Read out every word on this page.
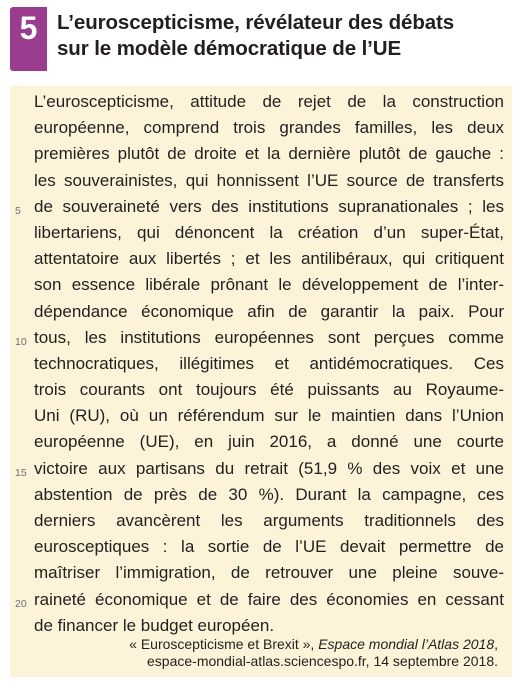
5 L’euroscepticisme, révélateur des débats
sur le modèle démocratique de l’UE
L’euroscepticisme, attitude de rejet de la construction
européenne, comprend trois grandes familles, les deux
premières plutôt de droite et la dernière plutôt de gauche :
les souverainistes, qui honnissent l’UE source de transferts
5 de souveraineté vers des institutions supranationales ; les
libertariens, qui dénoncent la création d’un super-État,
attentatoire aux libertés ; et les antilibéraux, qui critiquent
son essence libérale prônant le développement de l’inter-
dépendance économique afin de garantir la paix. Pour
10 tous, les institutions européennes sont perçues comme
technocratiques, illégitimes et antidémocratiques. Ces
trois courants ont toujours été puissants au Royaume-
Uni (RU), où un référendum sur le maintien dans l’Union
européenne (UE), en juin 2016, a donné une courte
15 victoire aux partisans du retrait (51,9 % des voix et une
abstention de près de 30 %). Durant la campagne, ces
derniers avancèrent les arguments traditionnels des
eurosceptiques : la sortie de l’UE devait permettre de
maîtriser l’immigration, de retrouver une pleine souve-
20 raineté économique et de faire des économies en cessant
de financer le budget européen.
« Euroscepticisme et Brexit », Espace mondial l’Atlas 2018,
espace-mondial-atlas.sciencespo.fr, 14 septembre 2018.
